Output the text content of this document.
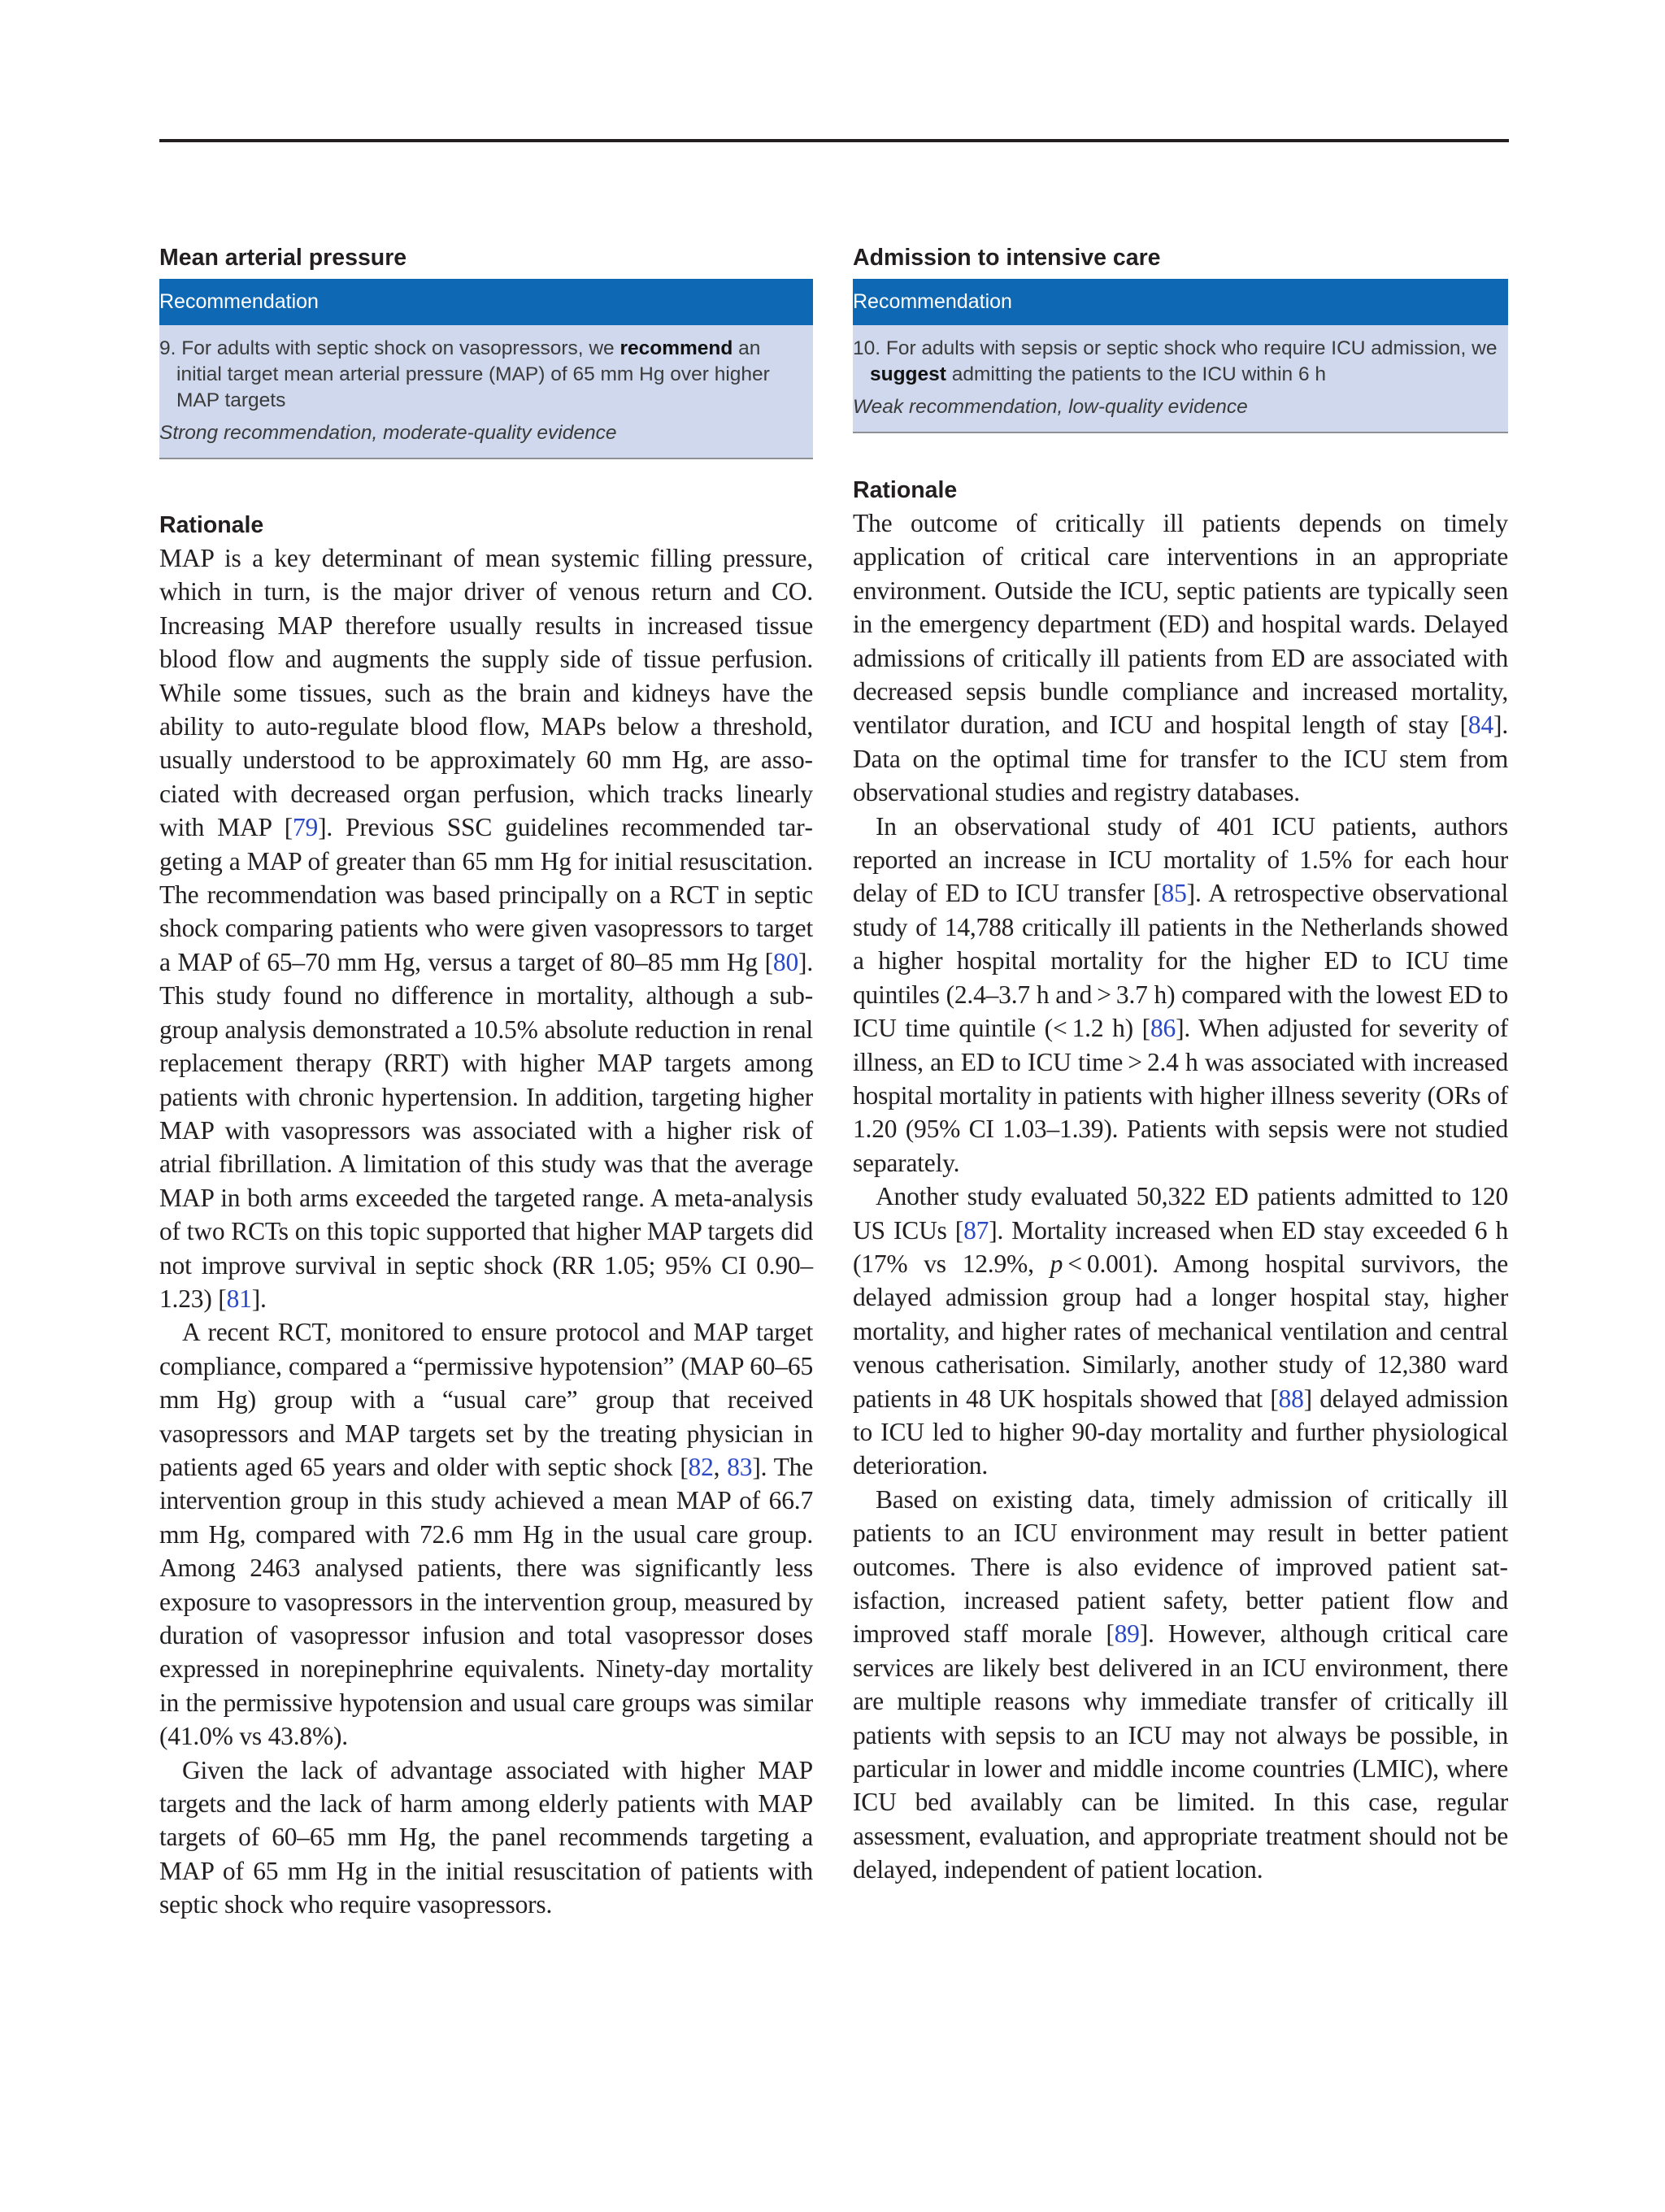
Mean arterial pressure
Recommendation

9. For adults with septic shock on vasopressors, we recommend an initial target mean arterial pressure (MAP) of 65 mm Hg over higher MAP targets

Strong recommendation, moderate-quality evidence

Rationale

MAP is a key determinant of mean systemic filling pressure, which in turn, is the major driver of venous return and CO. Increasing MAP therefore usually results in increased tissue blood flow and augments the supply side of tissue perfusion. While some tissues, such as the brain and kidneys have the ability to auto-regulate blood flow, MAPs below a threshold, usually understood to be approximately 60 mm Hg, are associated with decreased organ perfusion, which tracks linearly with MAP [79]. Previous SSC guidelines recommended targeting a MAP of greater than 65 mm Hg for initial resuscitation. The recommendation was based principally on a RCT in septic shock comparing patients who were given vasopressors to target a MAP of 65–70 mm Hg, versus a target of 80–85 mm Hg [80]. This study found no difference in mortality, although a sub-group analysis demonstrated a 10.5% absolute reduction in renal replacement therapy (RRT) with higher MAP targets among patients with chronic hypertension. In addition, targeting higher MAP with vasopressors was associated with a higher risk of atrial fibrillation. A limitation of this study was that the average MAP in both arms exceeded the targeted range. A meta-analysis of two RCTs on this topic supported that higher MAP targets did not improve survival in septic shock (RR 1.05; 95% CI 0.90–1.23) [81].

A recent RCT, monitored to ensure protocol and MAP target compliance, compared a “permissive hypotension” (MAP 60–65 mm Hg) group with a “usual care” group that received vasopressors and MAP targets set by the treating physician in patients aged 65 years and older with septic shock [82, 83]. The intervention group in this study achieved a mean MAP of 66.7 mm Hg, compared with 72.6 mm Hg in the usual care group. Among 2463 analysed patients, there was significantly less exposure to vasopressors in the intervention group, measured by duration of vasopressor infusion and total vasopressor doses expressed in norepinephrine equivalents. Ninety-day mortality in the permissive hypotension and usual care groups was similar (41.0% vs 43.8%).

Given the lack of advantage associated with higher MAP targets and the lack of harm among elderly patients with MAP targets of 60–65 mm Hg, the panel recommends targeting a MAP of 65 mm Hg in the initial resuscitation of patients with septic shock who require vasopressors.

Admission to intensive care
Recommendation

10. For adults with sepsis or septic shock who require ICU admission, we suggest admitting the patients to the ICU within 6 h

Weak recommendation, low-quality evidence

Rationale

The outcome of critically ill patients depends on timely application of critical care interventions in an appropriate environment. Outside the ICU, septic patients are typically seen in the emergency department (ED) and hospital wards. Delayed admissions of critically ill patients from ED are associated with decreased sepsis bundle compliance and increased mortality, ventilator duration, and ICU and hospital length of stay [84]. Data on the optimal time for transfer to the ICU stem from observational studies and registry databases.

In an observational study of 401 ICU patients, authors reported an increase in ICU mortality of 1.5% for each hour delay of ED to ICU transfer [85]. A retrospective observational study of 14,788 critically ill patients in the Netherlands showed a higher hospital mortality for the higher ED to ICU time quintiles (2.4–3.7 h and > 3.7 h) compared with the lowest ED to ICU time quintile (< 1.2 h) [86]. When adjusted for severity of illness, an ED to ICU time > 2.4 h was associated with increased hospital mortality in patients with higher illness severity (ORs of 1.20 (95% CI 1.03–1.39). Patients with sepsis were not studied separately.

Another study evaluated 50,322 ED patients admitted to 120 US ICUs [87]. Mortality increased when ED stay exceeded 6 h (17% vs 12.9%, p < 0.001). Among hospital survivors, the delayed admission group had a longer hospital stay, higher mortality, and higher rates of mechanical ventilation and central venous catherisation. Similarly, another study of 12,380 ward patients in 48 UK hospitals showed that [88] delayed admission to ICU led to higher 90-day mortality and further physiological deterioration.

Based on existing data, timely admission of critically ill patients to an ICU environment may result in better patient outcomes. There is also evidence of improved patient satisfaction, increased patient safety, better patient flow and improved staff morale [89]. However, although critical care services are likely best delivered in an ICU environment, there are multiple reasons why immediate transfer of critically ill patients with sepsis to an ICU may not always be possible, in particular in lower and middle income countries (LMIC), where ICU bed availably can be limited. In this case, regular assessment, evaluation, and appropriate treatment should not be delayed, independent of patient location.
